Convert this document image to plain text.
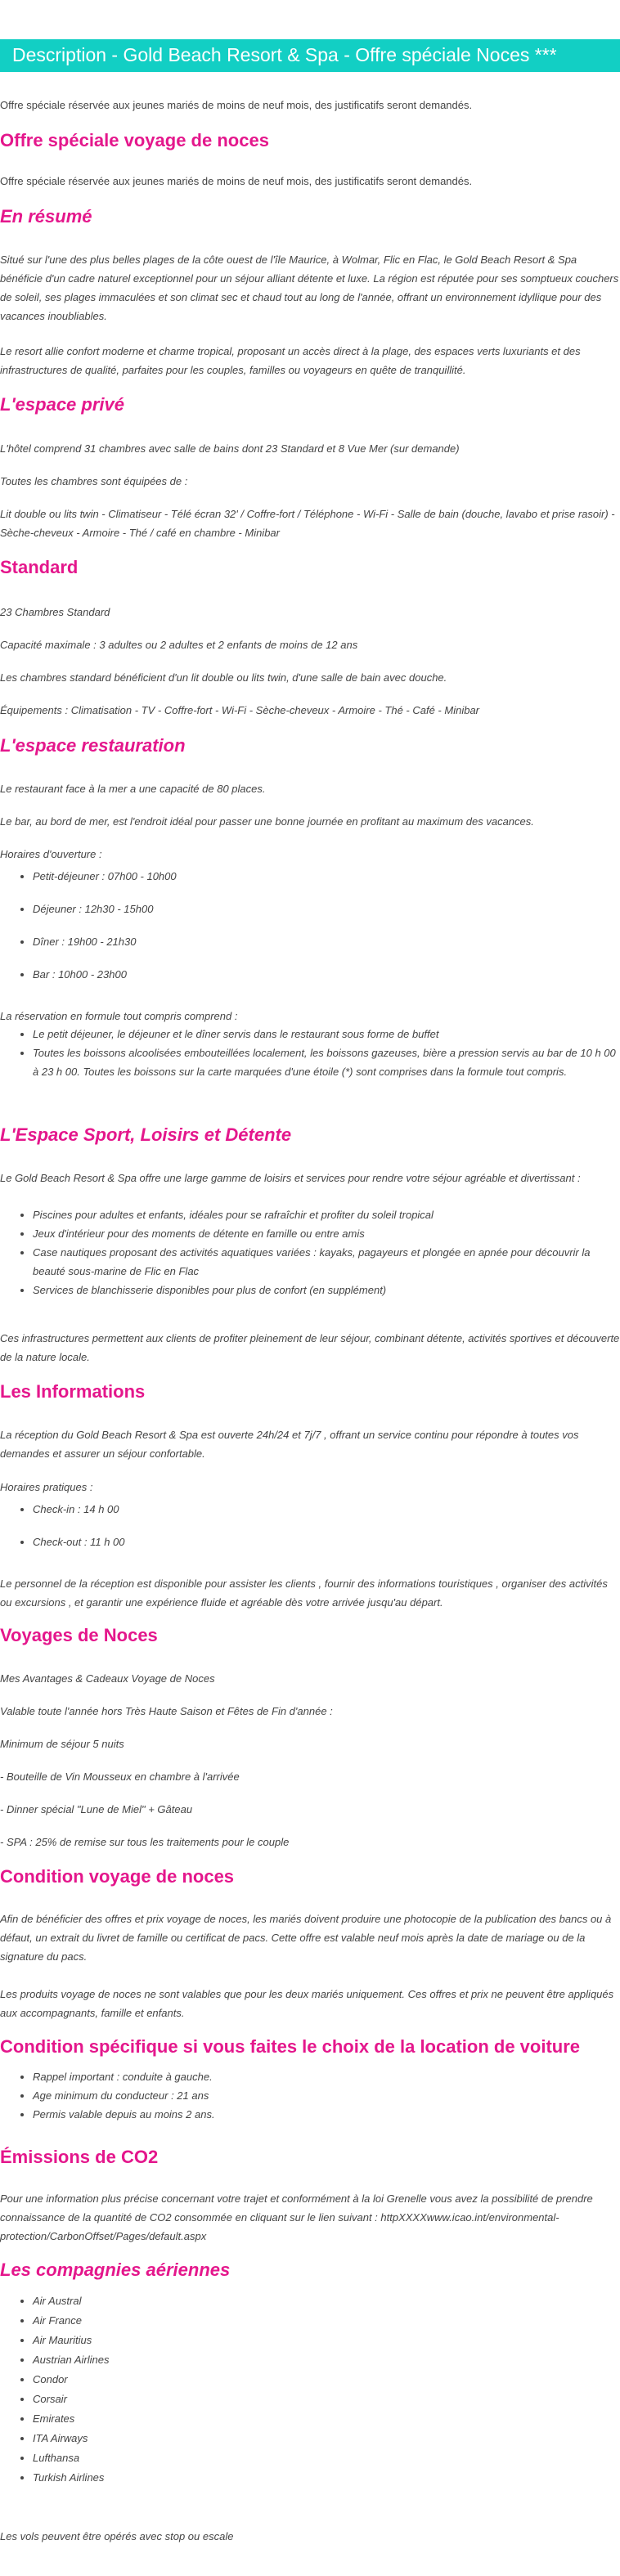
Description - Gold Beach Resort & Spa - Offre spéciale Noces ***

Offre spéciale réservée aux jeunes mariés de moins de neuf mois, des justificatifs seront demandés.

Offre spéciale voyage de noces

Offre spéciale réservée aux jeunes mariés de moins de neuf mois, des justificatifs seront demandés.

En résumé

Situé sur l'une des plus belles plages de la côte ouest de l'île Maurice, à Wolmar, Flic en Flac, le Gold Beach Resort & Spa bénéficie d'un cadre naturel exceptionnel pour un séjour alliant détente et luxe. La région est réputée pour ses somptueux couchers de soleil, ses plages immaculées et son climat sec et chaud tout au long de l'année, offrant un environnement idyllique pour des vacances inoubliables.

Le resort allie confort moderne et charme tropical, proposant un accès direct à la plage, des espaces verts luxuriants et des infrastructures de qualité, parfaites pour les couples, familles ou voyageurs en quête de tranquillité.

L'espace privé

L'hôtel comprend 31 chambres avec salle de bains dont 23 Standard et 8 Vue Mer (sur demande)

Toutes les chambres sont équipées de :

Lit double ou lits twin - Climatiseur - Télé écran 32' / Coffre-fort / Téléphone - Wi-Fi - Salle de bain (douche, lavabo et prise rasoir) - Sèche-cheveux - Armoire - Thé / café en chambre - Minibar

Standard

23 Chambres Standard

Capacité maximale : 3 adultes ou 2 adultes et 2 enfants de moins de 12 ans

Les chambres standard bénéficient d'un lit double ou lits twin, d'une salle de bain avec douche.

Équipements : Climatisation - TV - Coffre-fort - Wi-Fi - Sèche-cheveux - Armoire - Thé - Café - Minibar

L'espace restauration

Le restaurant face à la mer a une capacité de 80 places.

Le bar, au bord de mer, est l'endroit idéal pour passer une bonne journée en profitant au maximum des vacances.

Horaires d'ouverture :

• Petit-déjeuner : 07h00 - 10h00
• Déjeuner : 12h30 - 15h00
• Dîner : 19h00 - 21h30
• Bar : 10h00 - 23h00

La réservation en formule tout compris comprend :

• Le petit déjeuner, le déjeuner et le dîner servis dans le restaurant sous forme de buffet
• Toutes les boissons alcoolisées embouteillées localement, les boissons gazeuses, bière a pression servis au bar de 10 h 00 à 23 h 00. Toutes les boissons sur la carte marquées d'une étoile (*) sont comprises dans la formule tout compris.
L'Espace Sport, Loisirs et Détente

Le Gold Beach Resort & Spa offre une large gamme de loisirs et services pour rendre votre séjour agréable et divertissant :

• Piscines pour adultes et enfants, idéales pour se rafraîchir et profiter du soleil tropical
• Jeux d'intérieur pour des moments de détente en famille ou entre amis
• Case nautiques proposant des activités aquatiques variées : kayaks, pagayeurs et plongée en apnée pour découvrir la beauté sous-marine de Flic en Flac
• Services de blanchisserie disponibles pour plus de confort (en supplément)

Ces infrastructures permettent aux clients de profiter pleinement de leur séjour, combinant détente, activités sportives et découverte de la nature locale.

Les Informations

La réception du Gold Beach Resort & Spa est ouverte 24h/24 et 7j/7 , offrant un service continu pour répondre à toutes vos demandes et assurer un séjour confortable.

Horaires pratiques :

• Check-in : 14 h 00
• Check-out : 11 h 00

Le personnel de la réception est disponible pour assister les clients , fournir des informations touristiques , organiser des activités ou excursions , et garantir une expérience fluide et agréable dès votre arrivée jusqu'au départ.

Voyages de Noces

Mes Avantages & Cadeaux Voyage de Noces

Valable toute l'année hors Très Haute Saison et Fêtes de Fin d'année :

Minimum de séjour 5 nuits

- Bouteille de Vin Mousseux en chambre à l'arrivée

- Dinner spécial "Lune de Miel" + Gâteau

- SPA : 25% de remise sur tous les traitements pour le couple

Condition voyage de noces

Afin de bénéficier des offres et prix voyage de noces, les mariés doivent produire une photocopie de la publication des bancs ou à défaut, un extrait du livret de famille ou certificat de pacs. Cette offre est valable neuf mois après la date de mariage ou de la signature du pacs.

Les produits voyage de noces ne sont valables que pour les deux mariés uniquement. Ces offres et prix ne peuvent être appliqués aux accompagnants, famille et enfants.

Condition spécifique si vous faites le choix de la location de voiture
• Rappel important : conduite à gauche.
• Age minimum du conducteur : 21 ans
• Permis valable depuis au moins 2 ans.
Émissions de CO2

Pour une information plus précise concernant votre trajet et conformément à la loi Grenelle vous avez la possibilité de prendre connaissance de la quantité de CO2 consommée en cliquant sur le lien suivant : httpXXXXwww.icao.int/environmental-protection/CarbonOffset/Pages/default.aspx

Les compagnies aériennes
• Air Austral
• Air France
• Air Mauritius
• Austrian Airlines
• Condor
• Corsair
• Emirates
• ITA Airways
• Lufthansa
• Turkish Airlines

Les vols peuvent être opérés avec stop ou escale
